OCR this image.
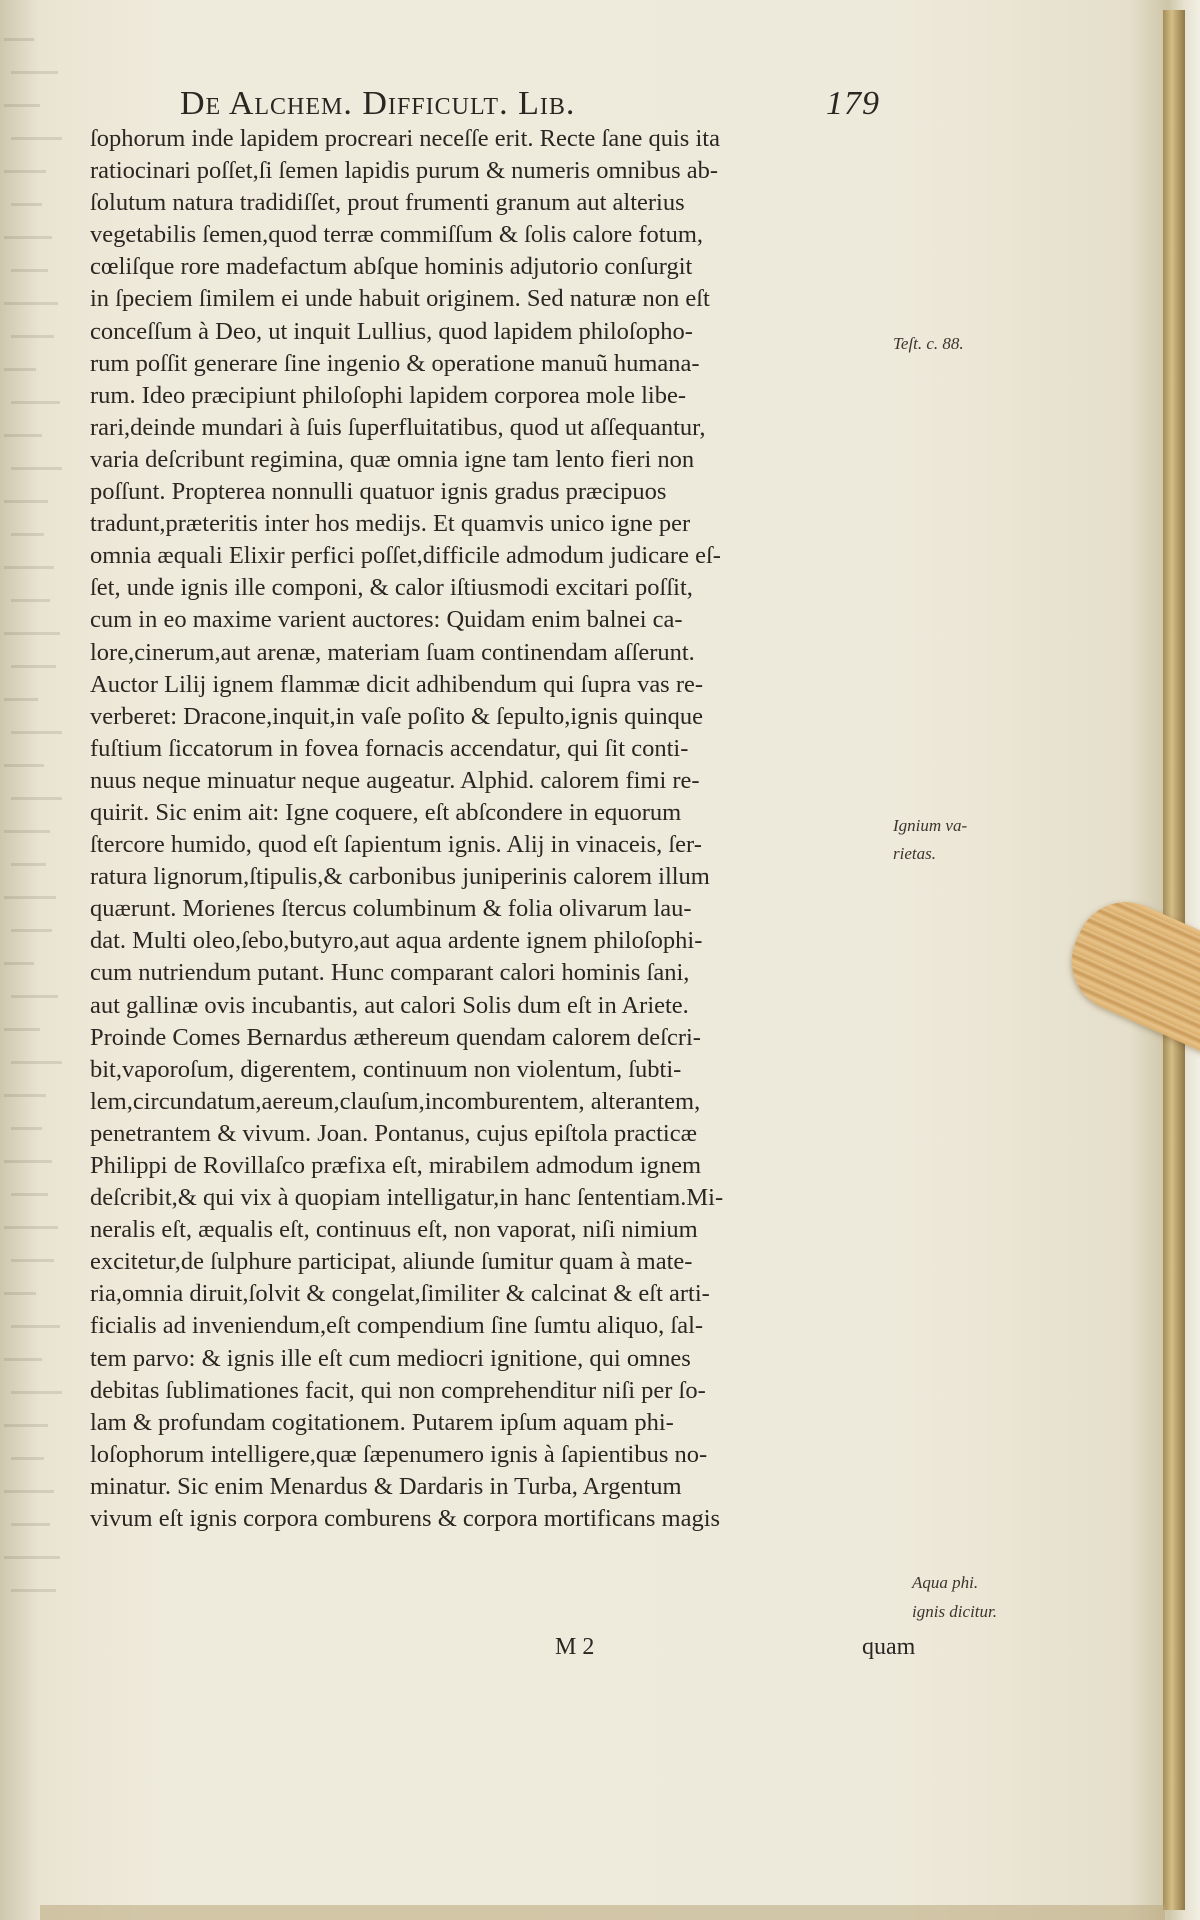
De Alchem. Difficult. Lib.	179
ſophorum inde lapidem procreari neceſſe erit. Recte ſane quis ita
ratiocinari poſſet,ſi ſemen lapidis purum & numeris omnibus ab-
ſolutum natura tradidiſſet, prout frumenti granum aut alterius
vegetabilis ſemen,quod terræ commiſſum & ſolis calore fotum,
cœliſque rore madefactum abſque hominis adjutorio conſurgit
in ſpeciem ſimilem ei unde habuit originem. Sed naturæ non eſt
conceſſum à Deo, ut inquit Lullius, quod lapidem philoſopho-
rum poſſit generare ſine ingenio & operatione manuũ humana-
rum. Ideo præcipiunt philoſophi lapidem corporea mole libe-
rari,deinde mundari à ſuis ſuperfluitatibus, quod ut aſſequantur,
varia deſcribunt regimina, quæ omnia igne tam lento fieri non
poſſunt. Propterea nonnulli quatuor ignis gradus præcipuos
tradunt,præteritis inter hos medijs. Et quamvis unico igne per
omnia æquali Elixir perfici poſſet,difficile admodum judicare eſ-
ſet, unde ignis ille componi, & calor iſtiusmodi excitari poſſit,
cum in eo maxime varient auctores: Quidam enim balnei ca-
lore,cinerum,aut arenæ, materiam ſuam continendam aſſerunt.
Auctor Lilij ignem flammæ dicit adhibendum qui ſupra vas re-
verberet: Dracone,inquit,in vaſe poſito & ſepulto,ignis quinque
fuſtium ſiccatorum in fovea fornacis accendatur, qui ſit conti-
nuus neque minuatur neque augeatur. Alphid. calorem fimi re-
quirit. Sic enim ait: Igne coquere, eſt abſcondere in equorum
ſtercore humido, quod eſt ſapientum ignis. Alij in vinaceis, ſer-
ratura lignorum,ſtipulis,& carbonibus juniperinis calorem illum
quærunt. Morienes ſtercus columbinum & folia olivarum lau-
dat. Multi oleo,ſebo,butyro,aut aqua ardente ignem philoſophi-
cum nutriendum putant. Hunc comparant calori hominis ſani,
aut gallinæ ovis incubantis, aut calori Solis dum eſt in Ariete.
Proinde Comes Bernardus æthereum quendam calorem deſcri-
bit,vaporoſum, digerentem, continuum non violentum, ſubti-
lem,circundatum,aereum,clauſum,incomburentem, alterantem,
penetrantem & vivum. Joan. Pontanus, cujus epiſtola practicæ
Philippi de Rovillaſco præfixa eſt, mirabilem admodum ignem
deſcribit,& qui vix à quopiam intelligatur,in hanc ſententiam.Mi-
neralis eſt, æqualis eſt, continuus eſt, non vaporat, niſi nimium
excitetur,de ſulphure participat, aliunde ſumitur quam à mate-
ria,omnia diruit,ſolvit & congelat,ſimiliter & calcinat & eſt arti-
ficialis ad inveniendum,eſt compendium ſine ſumtu aliquo, ſal-
tem parvo: & ignis ille eſt cum mediocri ignitione, qui omnes
debitas ſublimationes facit, qui non comprehenditur niſi per ſo-
lam & profundam cogitationem. Putarem ipſum aquam phi-
loſophorum intelligere,quæ ſæpenumero ignis à ſapientibus no-
minatur. Sic enim Menardus & Dardaris in Turba, Argentum
vivum eſt ignis corpora comburens & corpora mortificans magis
Teſt. c. 88.
Ignium va-
rietas.
Aqua phi.
ignis dicitur.
M 2	quam
